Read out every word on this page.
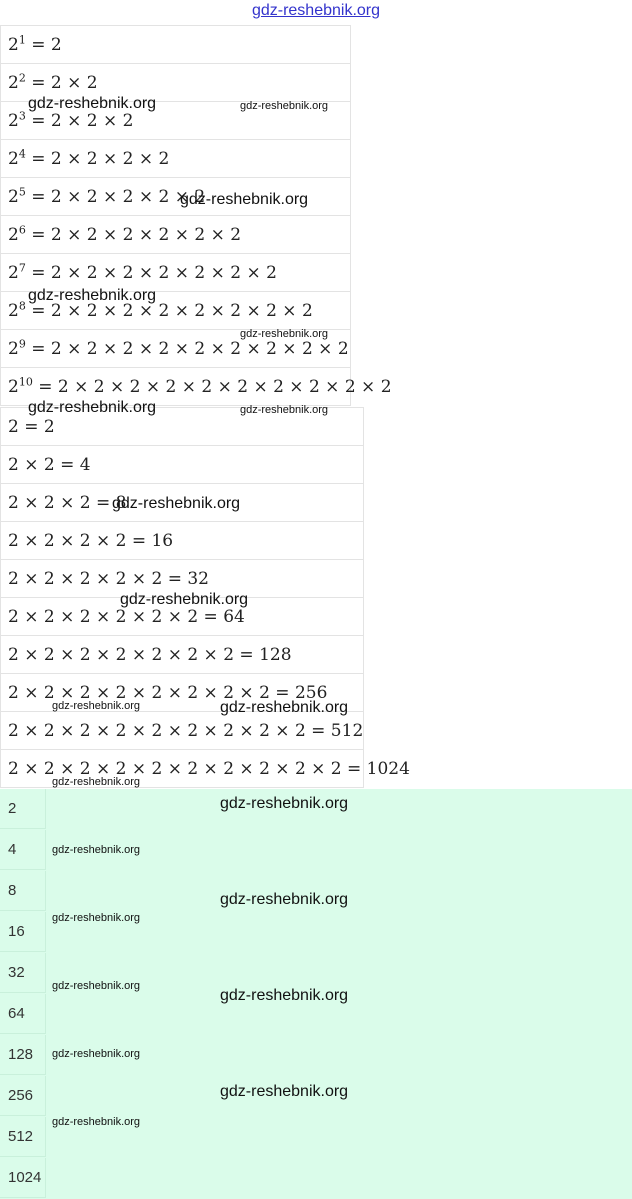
gdz-reshebnik.org
$2^1 = 2$
$2^2 = 2 \times 2$
$2^3 = 2 \times 2 \times 2$
$2^4 = 2 \times 2 \times 2 \times 2$
$2^5 = 2 \times 2 \times 2 \times 2 \times 2$
$2^6 = 2 \times 2 \times 2 \times 2 \times 2 \times 2$
$2^7 = 2 \times 2 \times 2 \times 2 \times 2 \times 2 \times 2$
$2^8 = 2 \times 2 \times 2 \times 2 \times 2 \times 2 \times 2 \times 2$
$2^9 = 2 \times 2 \times 2 \times 2 \times 2 \times 2 \times 2 \times 2 \times 2$
$2^{10} = 2 \times 2 \times 2 \times 2 \times 2 \times 2 \times 2 \times 2 \times 2 \times 2$
2 = 2
2 × 2 = 4
2 × 2 × 2 = 8
2 × 2 × 2 × 2 = 16
2 × 2 × 2 × 2 × 2 = 32
2 × 2 × 2 × 2 × 2 × 2 = 64
2 × 2 × 2 × 2 × 2 × 2 × 2 = 128
2 × 2 × 2 × 2 × 2 × 2 × 2 × 2 = 256
2 × 2 × 2 × 2 × 2 × 2 × 2 × 2 × 2 = 512
2 × 2 × 2 × 2 × 2 × 2 × 2 × 2 × 2 × 2 = 1024
2
4
8
16
32
64
128
256
512
1024
gdz-reshebnik.org	gdz-reshebnik.org
gdz-reshebnik.org
gdz-reshebnik.org
gdz-reshebnik.org
gdz-reshebnik.org	gdz-reshebnik.org
gdz-reshebnik.org
gdz-reshebnik.org
gdz-reshebnik.org	gdz-reshebnik.org
gdz-reshebnik.org
gdz-reshebnik.org
gdz-reshebnik.org
gdz-reshebnik.org
gdz-reshebnik.org
gdz-reshebnik.org
gdz-reshebnik.org
gdz-reshebnik.org
gdz-reshebnik.org
gdz-reshebnik.org
